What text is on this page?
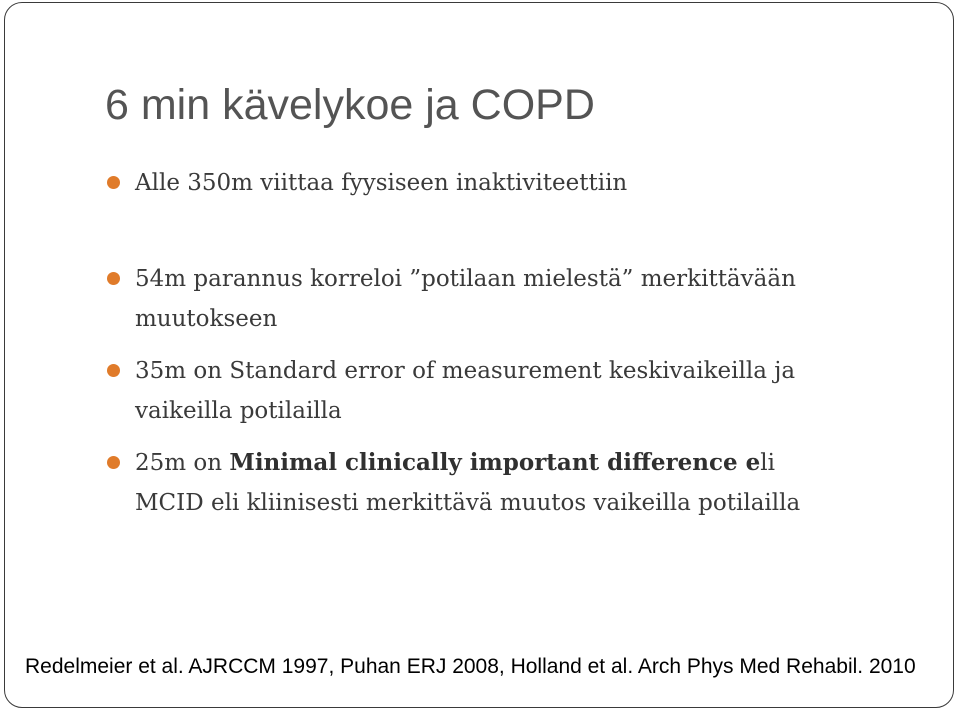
6 min kävelykoe ja COPD
Alle 350m viittaa fyysiseen inaktiviteettiin
54m parannus korreloi ”potilaan mielestä” merkittävään
muutokseen
35m on Standard error of measurement keskivaikeilla ja
vaikeilla potilailla
25m on Minimal clinically important difference eli
MCID eli kliinisesti merkittävä muutos vaikeilla potilailla
Redelmeier et al. AJRCCM 1997, Puhan ERJ 2008, Holland et al. Arch Phys Med Rehabil. 2010
